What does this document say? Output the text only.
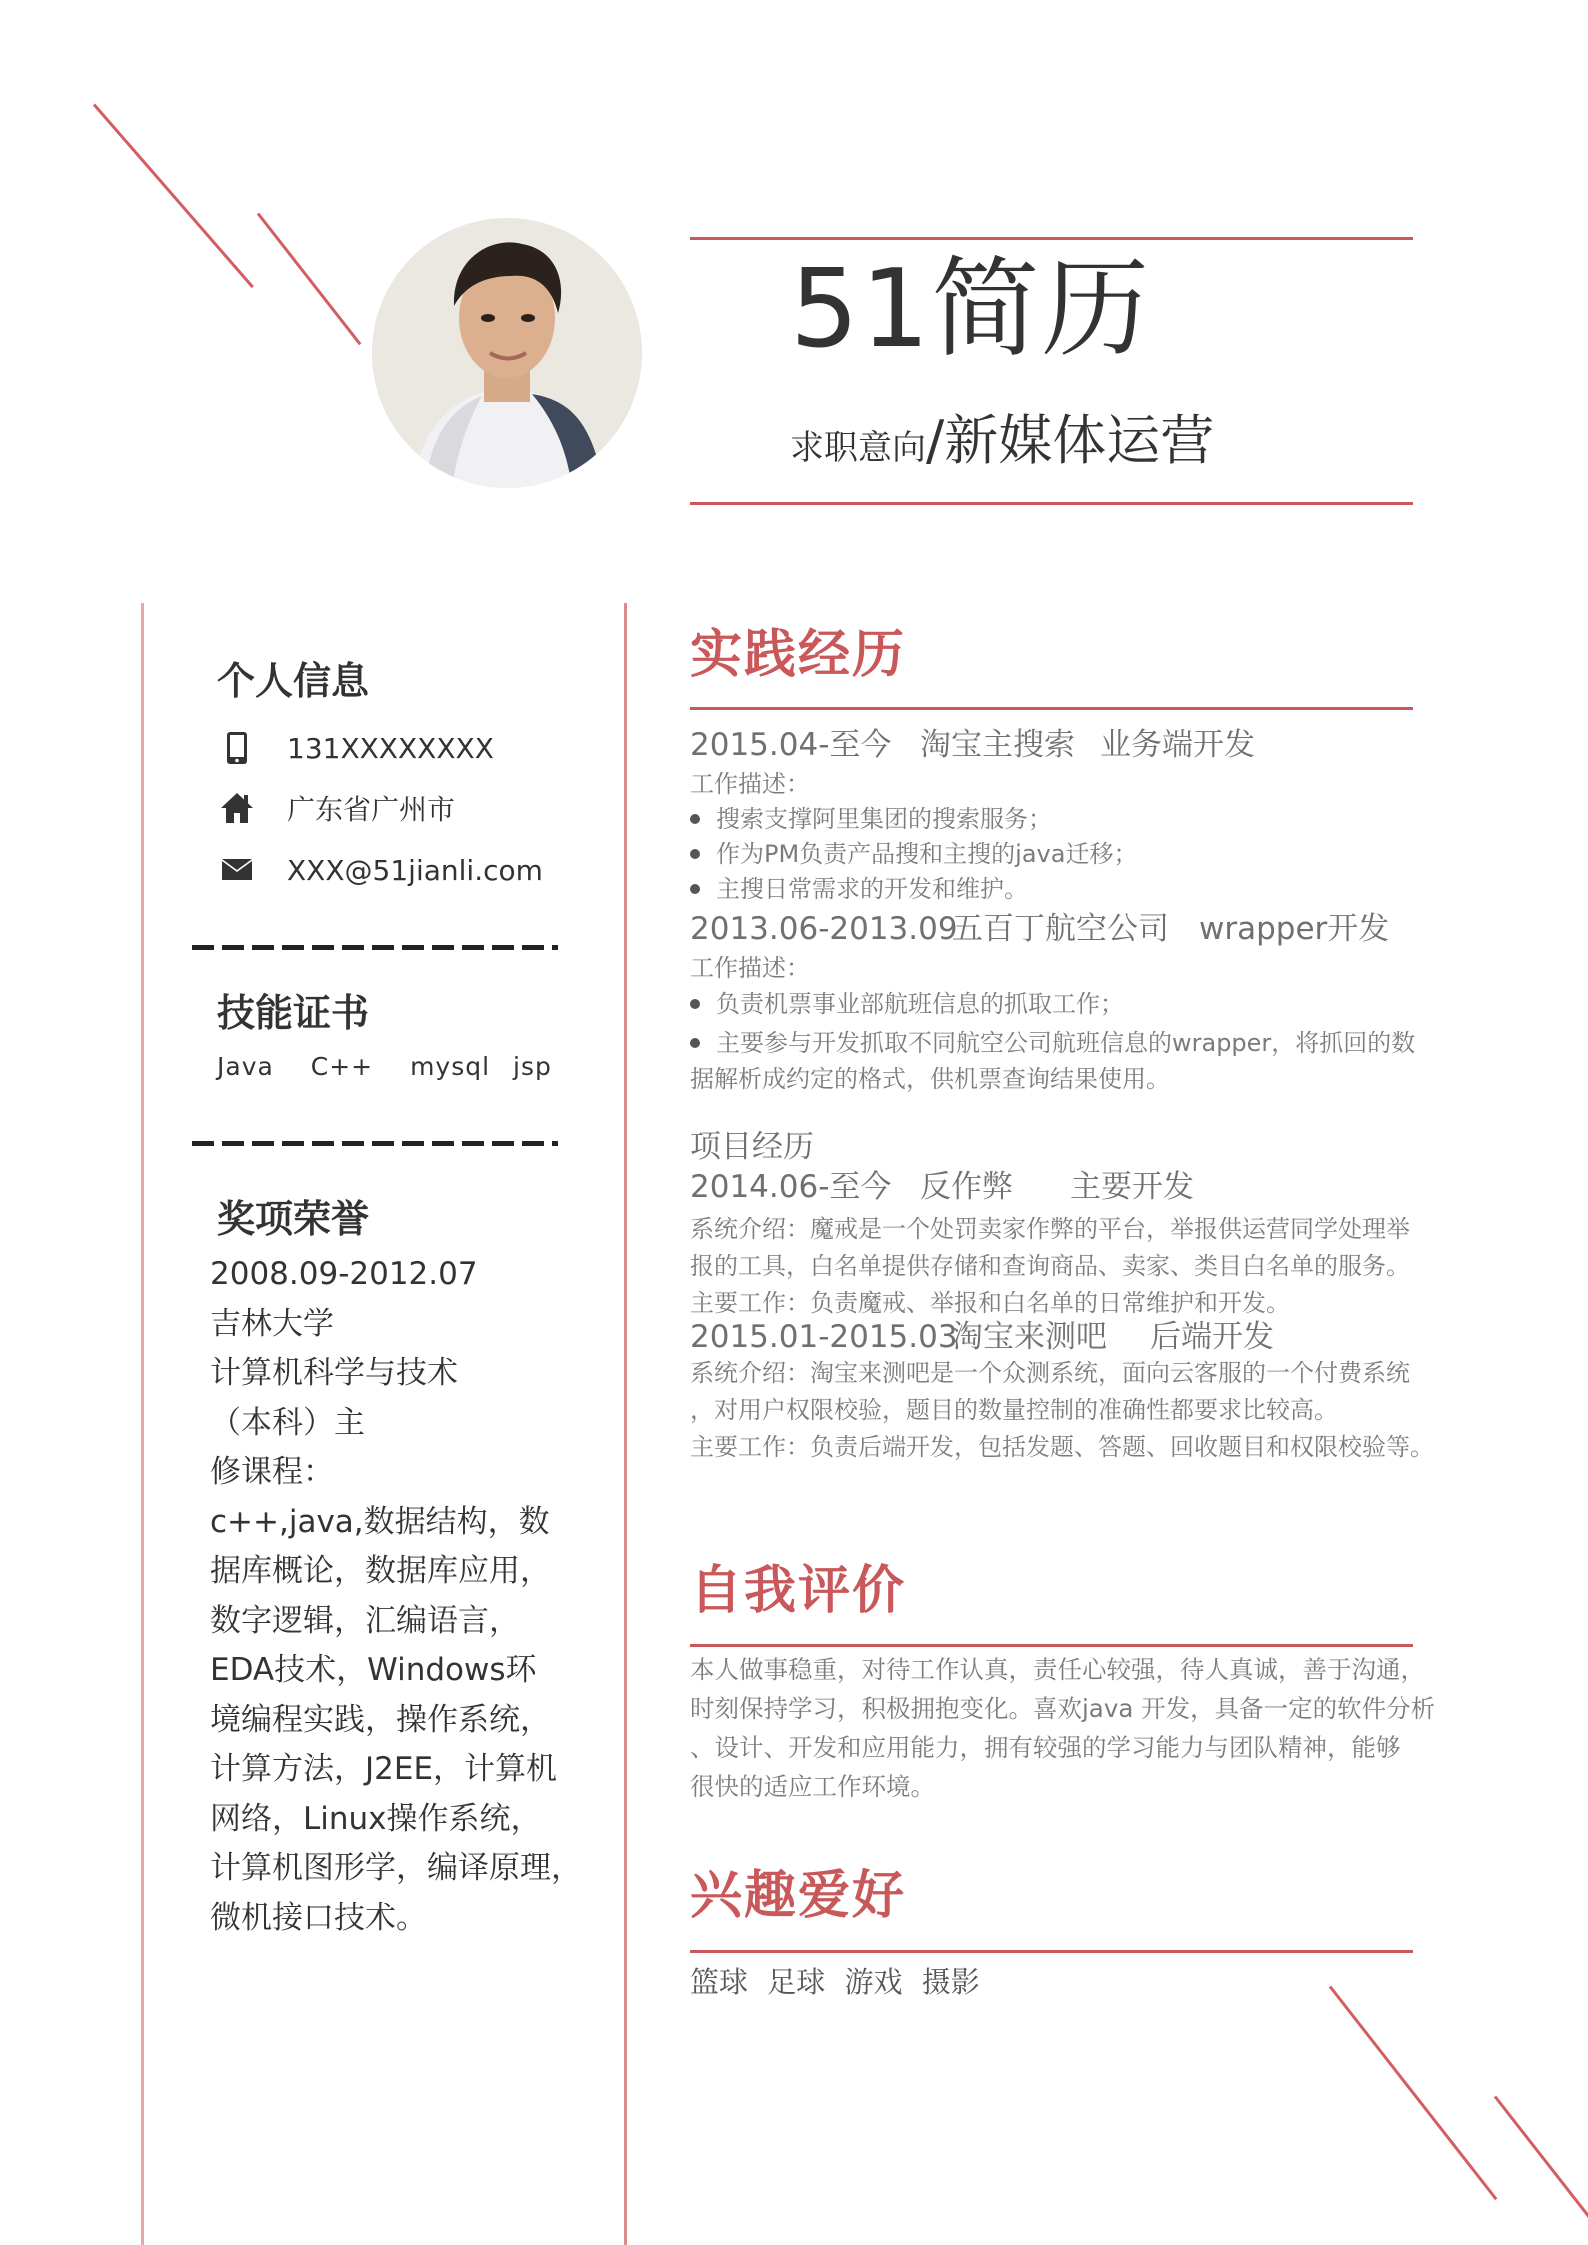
51简历
求职意向/新媒体运营
个人信息
131XXXXXXXX
广东省广州市
XXX@51jianli.com
技能证书
Java C++ mysql jsp
奖项荣誉
2008.09-2012.07
吉林大学
计算机科学与技术
（本科）主
修课程：
c++,java,数据结构，数
据库概论，数据库应用，
数字逻辑，汇编语言，
EDA技术，Windows环
境编程实践，操作系统，
计算方法，J2EE，计算机
网络，Linux操作系统，
计算机图形学，编译原理，
微机接口技术。
实践经历
2015.04-至今 淘宝主搜索 业务端开发
工作描述：
搜索支撑阿里集团的搜索服务；
作为PM负责产品搜和主搜的java迁移；
主搜日常需求的开发和维护。
2013.06-2013.09五百丁航空公司 wrapper开发
工作描述：
负责机票事业部航班信息的抓取工作；
主要参与开发抓取不同航空公司航班信息的wrapper，将抓回的数
据解析成约定的格式，供机票查询结果使用。
项目经历
2014.06-至今 反作弊 主要开发
系统介绍：魔戒是一个处罚卖家作弊的平台，举报供运营同学处理举
报的工具，白名单提供存储和查询商品、卖家、类目白名单的服务。
主要工作：负责魔戒、举报和白名单的日常维护和开发。
2015.01-2015.03淘宝来测吧 后端开发
系统介绍：淘宝来测吧是一个众测系统，面向云客服的一个付费系统
，对用户权限校验，题目的数量控制的准确性都要求比较高。
主要工作：负责后端开发，包括发题、答题、回收题目和权限校验等。
自我评价
本人做事稳重，对待工作认真，责任心较强，待人真诚，善于沟通，
时刻保持学习，积极拥抱变化。喜欢java 开发，具备一定的软件分析
、设计、开发和应用能力，拥有较强的学习能力与团队精神，能够
很快的适应工作环境。
兴趣爱好
篮球 足球 游戏 摄影
